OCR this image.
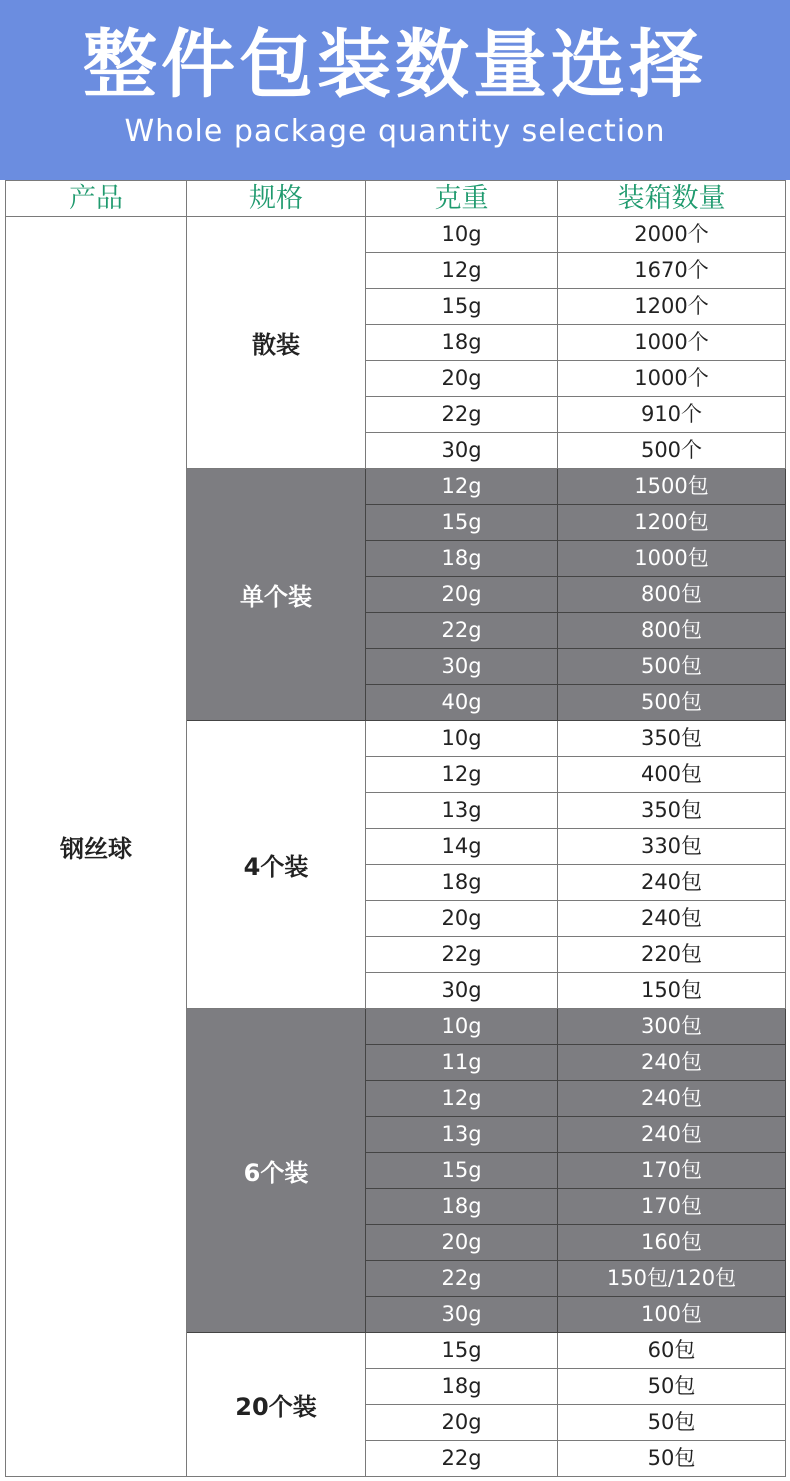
整件包装数量选择
Whole package quantity selection
产品	规格	克重	装箱数量
钢丝球	散装	10g	2000个
		12g	1670个
		15g	1200个
		18g	1000个
		20g	1000个
		22g	910个
		30g	500个
	单个装	12g	1500包
		15g	1200包
		18g	1000包
		20g	800包
		22g	800包
		30g	500包
		40g	500包
	4个装	10g	350包
		12g	400包
		13g	350包
		14g	330包
		18g	240包
		20g	240包
		22g	220包
		30g	150包
	6个装	10g	300包
		11g	240包
		12g	240包
		13g	240包
		15g	170包
		18g	170包
		20g	160包
		22g	150包/120包
		30g	100包
	20个装	15g	60包
		18g	50包
		20g	50包
		22g	50包
